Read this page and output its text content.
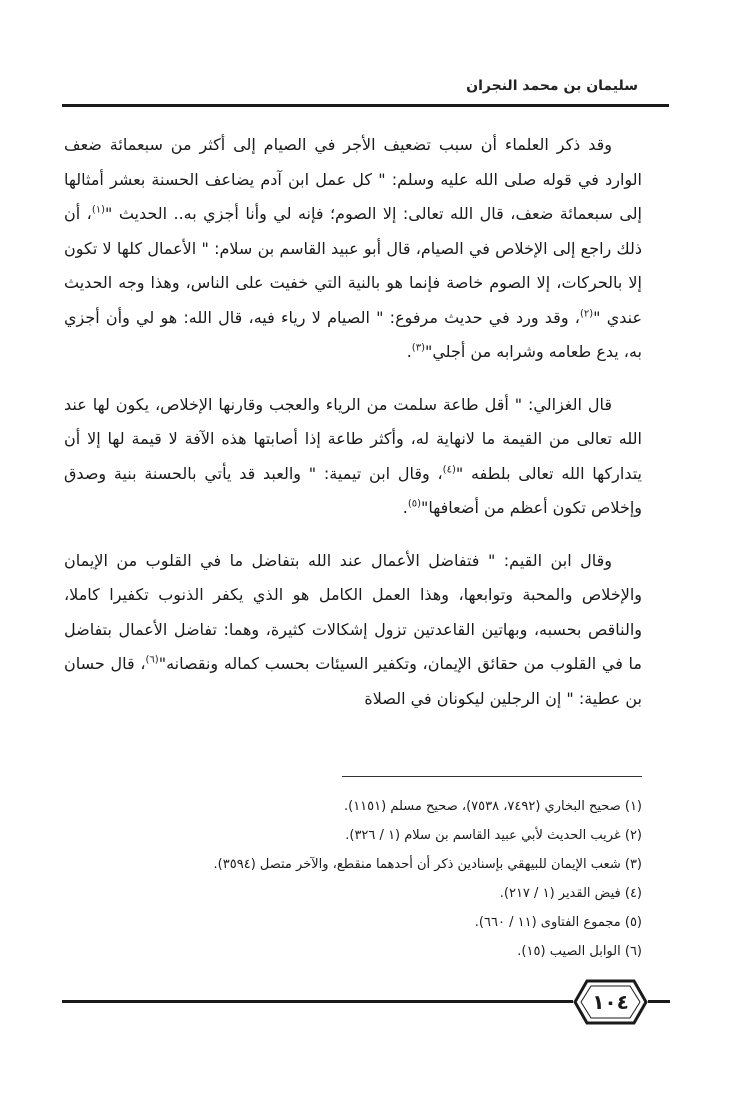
سليمان بن محمد النجران

وقد ذكر العلماء أن سبب تضعيف الأجر في الصيام إلى أكثر من سبعمائة ضعف الوارد في قوله صلى الله عليه وسلم: " كل عمل ابن آدم يضاعف الحسنة بعشر أمثالها إلى سبعمائة ضعف، قال الله تعالى: إلا الصوم؛ فإنه لي وأنا أجزي به.. الحديث "$^{(١)}$، أن ذلك راجع إلى الإخلاص في الصيام، قال أبو عبيد القاسم بن سلام: " الأعمال كلها لا تكون إلا بالحركات، إلا الصوم خاصة فإنما هو بالنية التي خفيت على الناس، وهذا وجه الحديث عندي "$^{(٢)}$، وقد ورد في حديث مرفوع: " الصيام لا رياء فيه، قال الله: هو لي وأن أجزي به، يدع طعامه وشرابه من أجلي"$^{(٣)}$.

قال الغزالي: " أقل طاعة سلمت من الرياء والعجب وقارنها الإخلاص، يكون لها عند الله تعالى من القيمة ما لانهاية له، وأكثر طاعة إذا أصابتها هذه الآفة لا قيمة لها إلا أن يتداركها الله تعالى بلطفه "$^{(٤)}$، وقال ابن تيمية: " والعبد قد يأتي بالحسنة بنية وصدق وإخلاص تكون أعظم من أضعافها"$^{(٥)}$.

وقال ابن القيم: " فتفاضل الأعمال عند الله بتفاضل ما في القلوب من الإيمان والإخلاص والمحبة وتوابعها، وهذا العمل الكامل هو الذي يكفر الذنوب تكفيرا كاملا، والناقص بحسبه، وبهاتين القاعدتين تزول إشكالات كثيرة، وهما: تفاضل الأعمال بتفاضل ما في القلوب من حقائق الإيمان، وتكفير السيئات بحسب كماله ونقصانه"$^{(٦)}$، قال حسان بن عطية: " إن الرجلين ليكونان في الصلاة

(١) صحيح البخاري (٧٤٩٢، ٧٥٣٨)، صحيح مسلم (١١٥١).
(٢) غريب الحديث لأبي عبيد القاسم بن سلام (١ / ٣٢٦).
(٣) شعب الإيمان للبيهقي بإسنادين ذكر أن أحدهما منقطع، والآخر متصل (٣٥٩٤).
(٤) فيض القدير (١ / ٢١٧).
(٥) مجموع الفتاوى (١١ / ٦٦٠).
(٦) الوابل الصيب (١٥).
١٠٤
